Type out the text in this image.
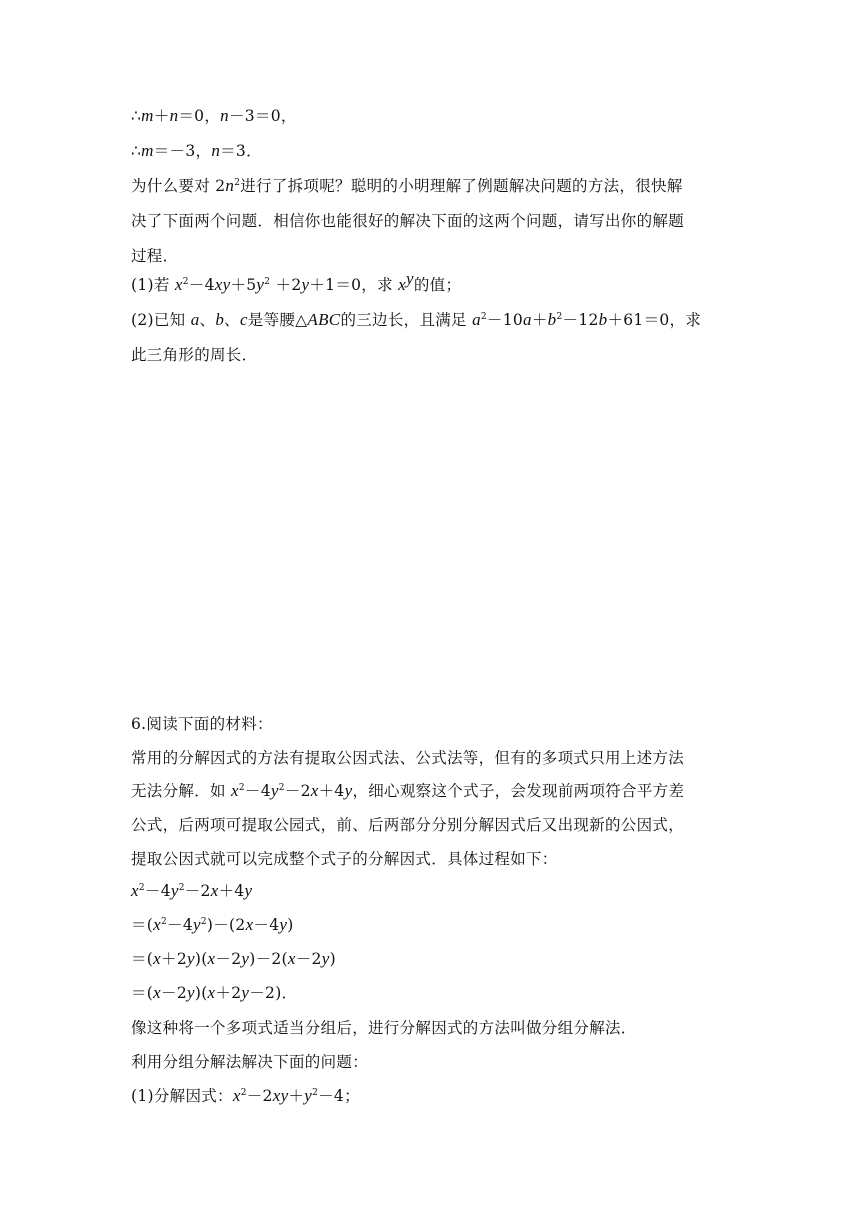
∴m＋n＝0，n－3＝0，
∴m＝－3，n＝3．
为什么要对 $2n^2$进行了拆项呢？聪明的小明理解了例题解决问题的方法，很快解
决了下面两个问题．相信你也能很好的解决下面的这两个问题，请写出你的解题
过程．
(1)若 $x^2-4xy+5y^2 +2y+1=0$，求 $x^y$的值；
(2)已知 a、b、c是等腰△ABC的三边长，且满足 $a^2-10a+b^2-12b+61=0$，求
此三角形的周长．
6.阅读下面的材料：
常用的分解因式的方法有提取公因式法、公式法等，但有的多项式只用上述方法
无法分解．如 $x^2-4y^2-2x+4y$，细心观察这个式子，会发现前两项符合平方差
公式，后两项可提取公园式，前、后两部分分别分解因式后又出现新的公因式，
提取公因式就可以完成整个式子的分解因式．具体过程如下：
$x^2-4y^2-2x+4y$
$=(x^2-4y^2)-(2x-4y)$
＝(x＋2y)(x－2y)－2(x－2y)
＝(x－2y)(x＋2y－2)．
像这种将一个多项式适当分组后，进行分解因式的方法叫做分组分解法．
利用分组分解法解决下面的问题：
(1)分解因式：$x^2-2xy+y^2-4$；
